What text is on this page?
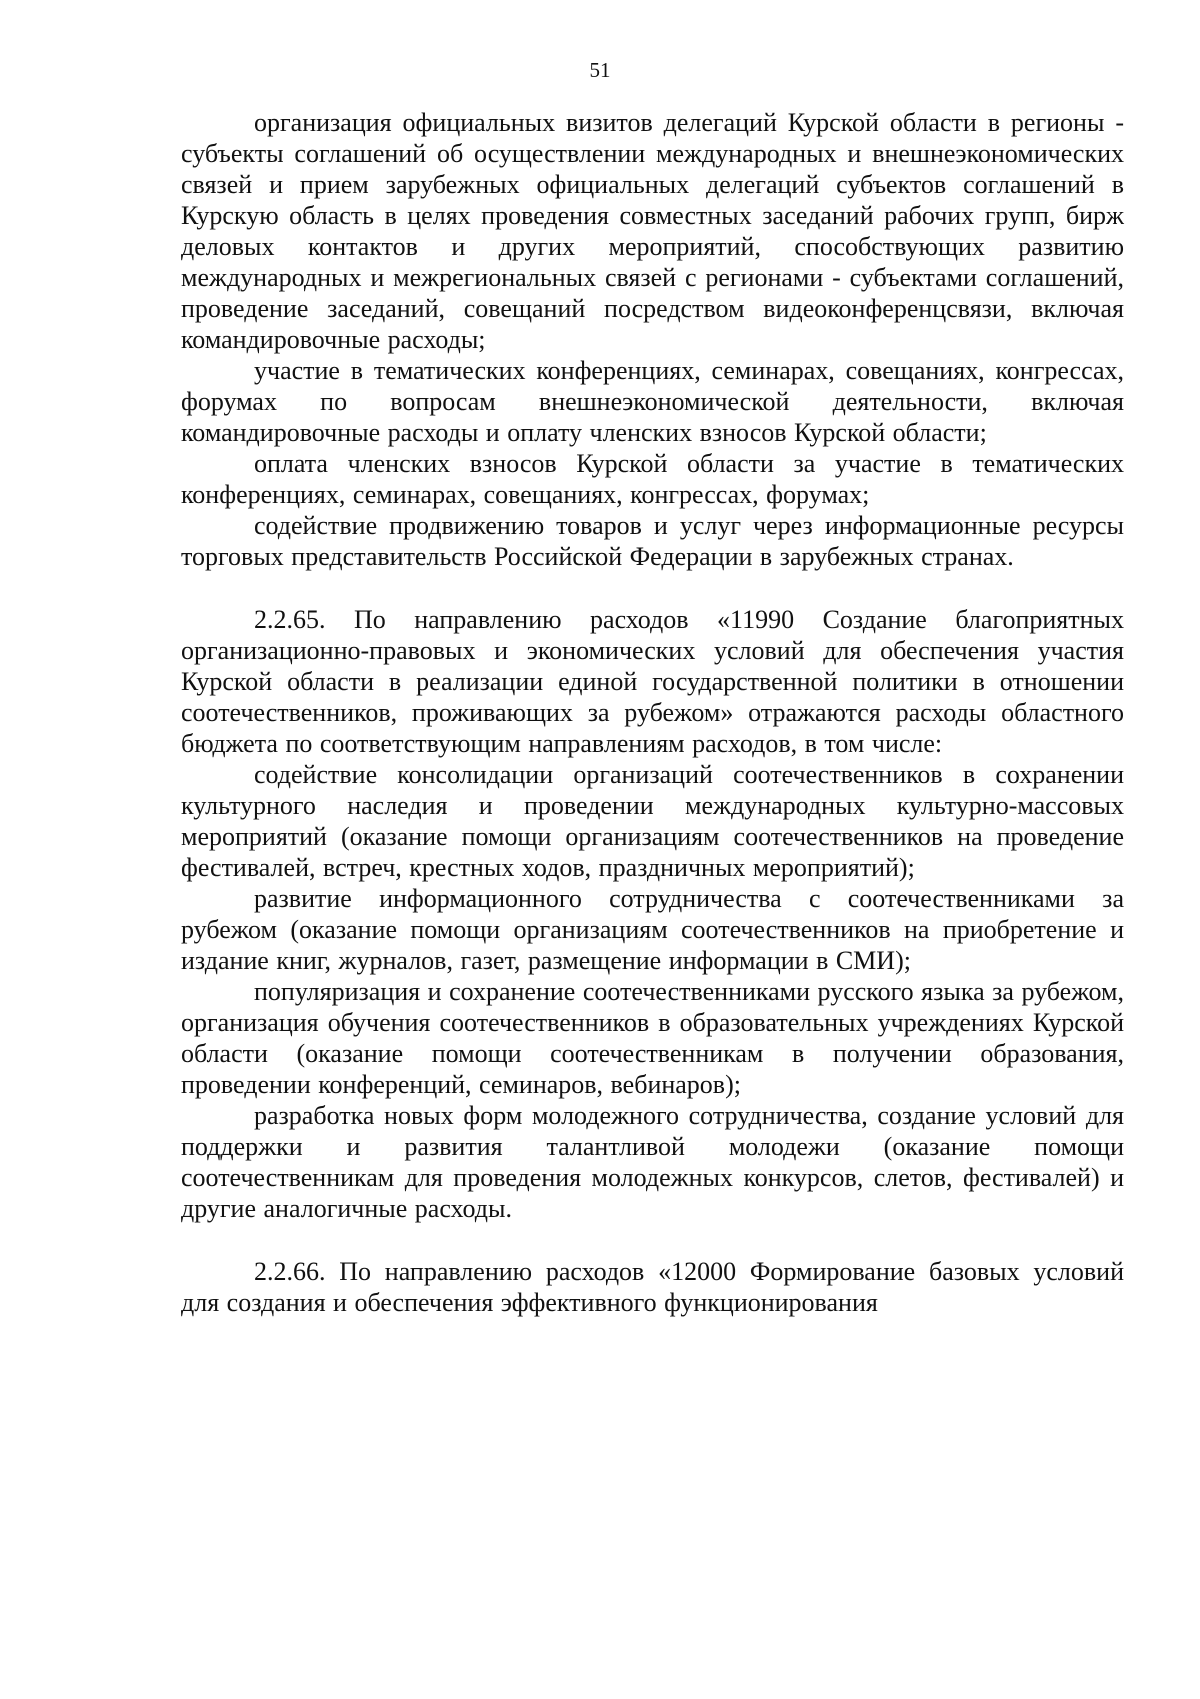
51

организация официальных визитов делегаций Курской области в регионы - субъекты соглашений об осуществлении международных и внешнеэкономических связей и прием зарубежных официальных делегаций субъектов соглашений в Курскую область в целях проведения совместных заседаний рабочих групп, бирж деловых контактов и других мероприятий, способствующих развитию международных и межрегиональных связей с регионами - субъектами соглашений, проведение заседаний, совещаний посредством видеоконференцсвязи, включая командировочные расходы;

участие в тематических конференциях, семинарах, совещаниях, конгрессах, форумах по вопросам внешнеэкономической деятельности, включая командировочные расходы и оплату членских взносов Курской области;

оплата членских взносов Курской области за участие в тематических конференциях, семинарах, совещаниях, конгрессах, форумах;

содействие продвижению товаров и услуг через информационные ресурсы торговых представительств Российской Федерации в зарубежных странах.

2.2.65. По направлению расходов «11990 Создание благоприятных организационно-правовых и экономических условий для обеспечения участия Курской области в реализации единой государственной политики в отношении соотечественников, проживающих за рубежом» отражаются расходы областного бюджета по соответствующим направлениям расходов, в том числе:

содействие консолидации организаций соотечественников в сохранении культурного наследия и проведении международных культурно-массовых мероприятий (оказание помощи организациям соотечественников на проведение фестивалей, встреч, крестных ходов, праздничных мероприятий);

развитие информационного сотрудничества с соотечественниками за рубежом (оказание помощи организациям соотечественников на приобретение и издание книг, журналов, газет, размещение информации в СМИ);

популяризация и сохранение соотечественниками русского языка за рубежом, организация обучения соотечественников в образовательных учреждениях Курской области (оказание помощи соотечественникам в получении образования, проведении конференций, семинаров, вебинаров);

разработка новых форм молодежного сотрудничества, создание условий для поддержки и развития талантливой молодежи (оказание помощи соотечественникам для проведения молодежных конкурсов, слетов, фестивалей) и другие аналогичные расходы.

2.2.66. По направлению расходов «12000 Формирование базовых условий для создания и обеспечения эффективного функционирования
